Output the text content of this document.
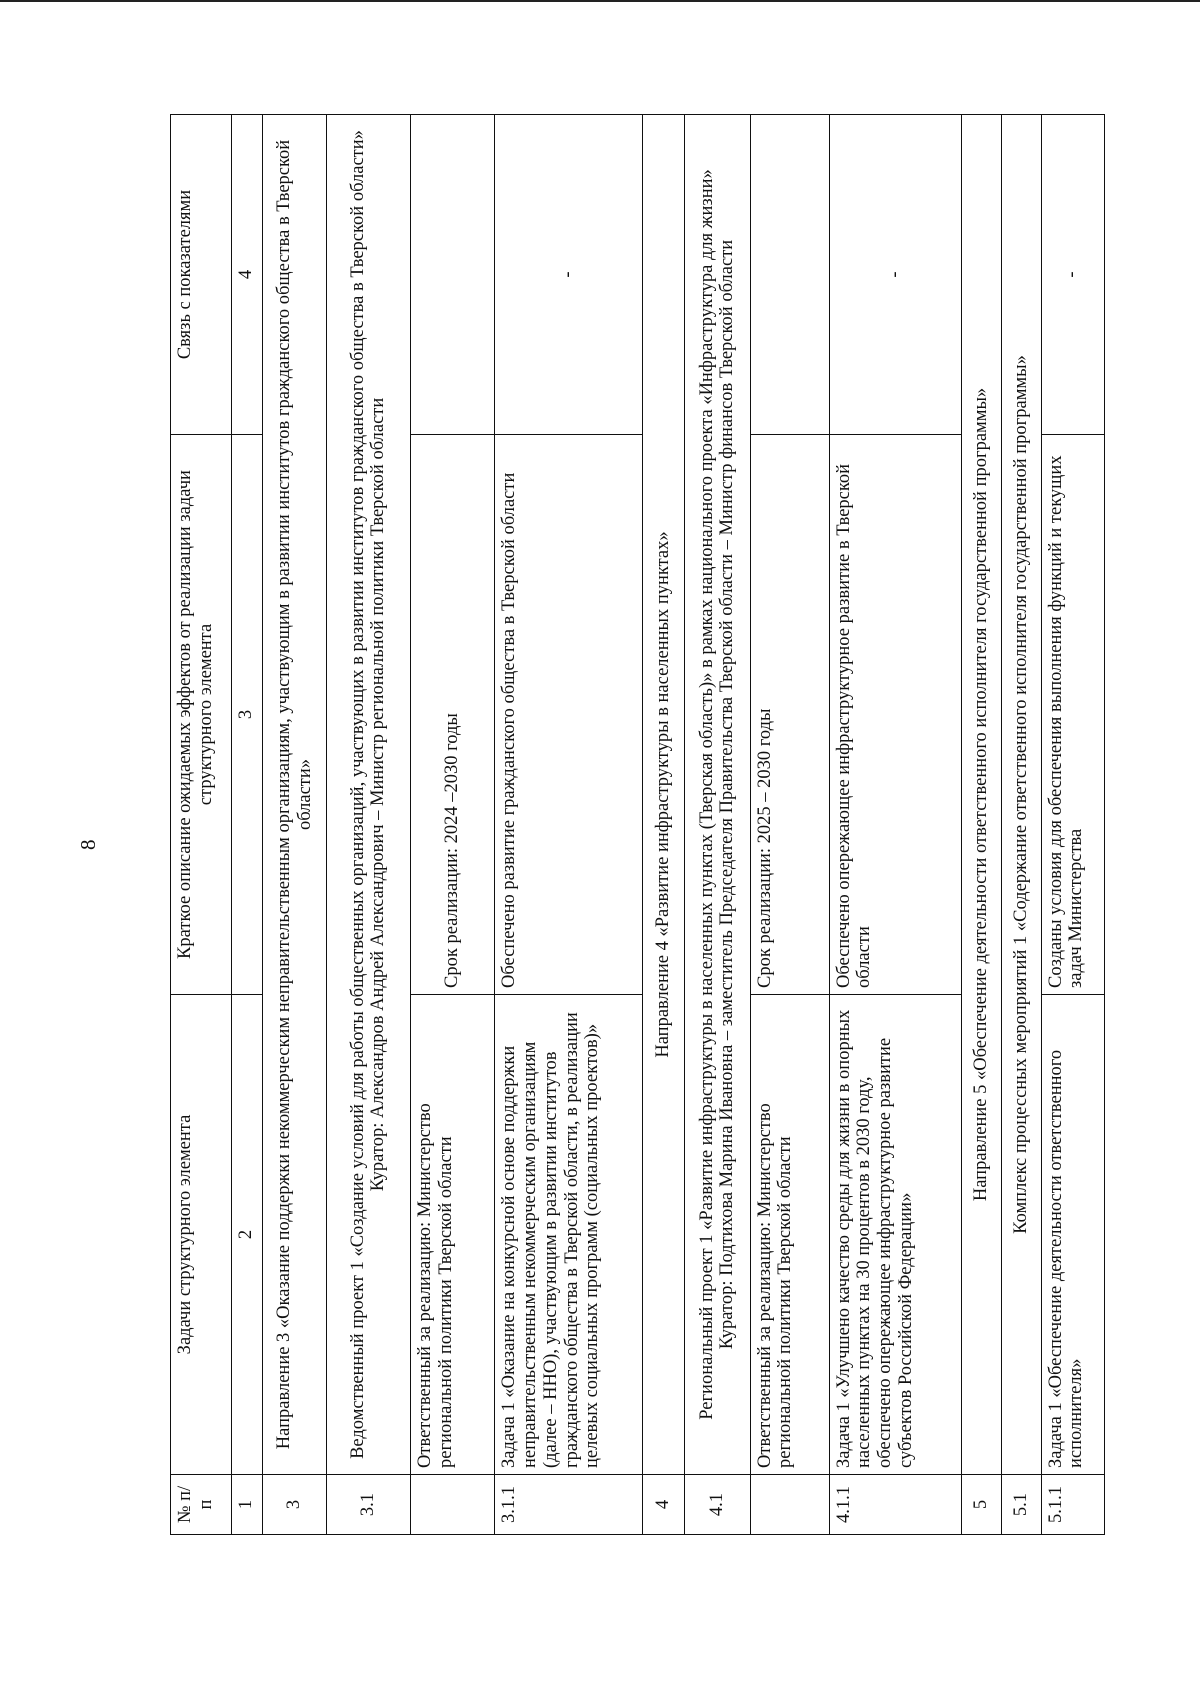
8
№ п/п	Задачи структурного элемента	Краткое описание ожидаемых эффектов от реализации задачи структурного элемента	Связь с показателями
1	2	3	4
3	Направление 3 «Оказание поддержки некоммерческим неправительственным организациям, участвующим в развитии институтов гражданского общества в Тверской области»		
3.1	Ведомственный проект 1 «Создание условий для работы общественных организаций, участвующих в развитии институтов гражданского общества в Тверской области» Куратор: Александров Андрей Александрович – Министр региональной политики Тверской области		

	Ответственный за реализацию: Министерство региональной политики Тверской области	Срок реализации: 2024 –2030 годы	
3.1.1	Задача 1 «Оказание на конкурсной основе поддержки неправительственным некоммерческим организациям (далее – ННО), участвующим в развитии институтов гражданского общества в Тверской области, в реализации целевых социальных программ (социальных проектов)»	Обеспечено развитие гражданского общества в Тверской области	-
4	Направление 4 «Развитие инфраструктуры в населенных пунктах»		
4.1	Региональный проект 1 «Развитие инфраструктуры в населенных пунктах (Тверская область)» в рамках национального проекта «Инфраструктура для жизни» Куратор: Подтихова Марина Ивановна – заместитель Председателя Правительства Тверской области – Министр финансов Тверской области		

	Ответственный за реализацию: Министерство региональной политики Тверской области	Срок реализации: 2025 – 2030 годы	
4.1.1	Задача 1 «Улучшено качество среды для жизни в опорных населенных пунктах на 30 процентов в 2030 году, обеспечено опережающее инфраструктурное развитие субъектов Российской Федерации»	Обеспечено опережающее инфраструктурное развитие в Тверской области	-
5	Направление 5 «Обеспечение деятельности ответственного исполнителя государственной программы»		
5.1	Комплекс процессных мероприятий 1 «Содержание ответственного исполнителя государственной программы»		
5.1.1	Задача 1 «Обеспечение деятельности ответственного исполнителя»	Созданы условия для обеспечения выполнения функций и текущих задач Министерства	-
